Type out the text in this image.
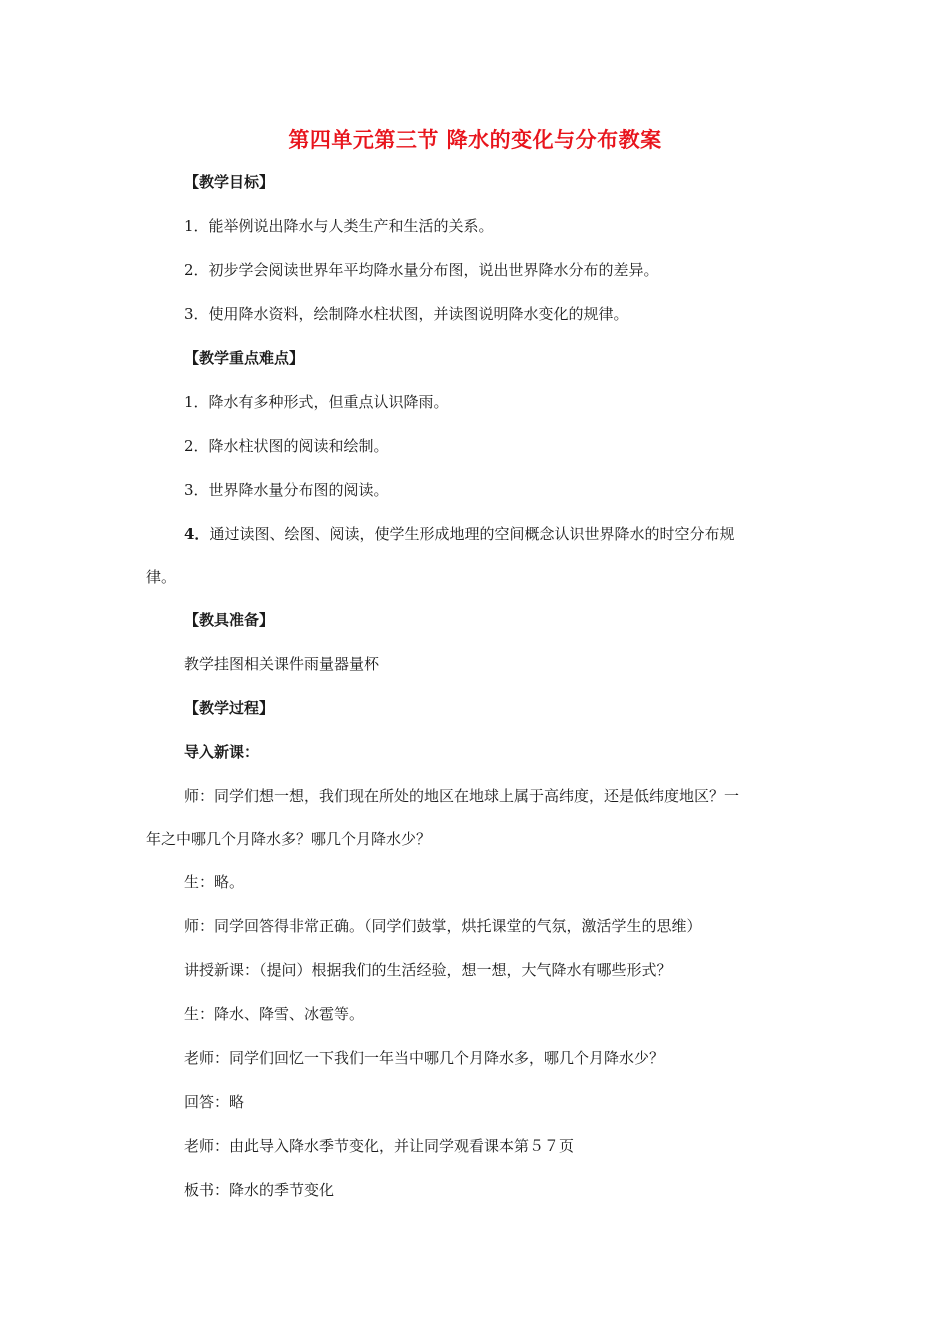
第四单元第三节 降水的变化与分布教案

【教学目标】

1．能举例说出降水与人类生产和生活的关系。

2．初步学会阅读世界年平均降水量分布图，说出世界降水分布的差异。

3．使用降水资料，绘制降水柱状图，并读图说明降水变化的规律。

【教学重点难点】

1．降水有多种形式，但重点认识降雨。

2．降水柱状图的阅读和绘制。

3．世界降水量分布图的阅读。

4．通过读图、绘图、阅读，使学生形成地理的空间概念认识世界降水的时空分布规

律。

【教具准备】

教学挂图相关课件雨量器量杯

【教学过程】

导入新课：

师：同学们想一想，我们现在所处的地区在地球上属于高纬度，还是低纬度地区？一

年之中哪几个月降水多？哪几个月降水少？

生：略。

师：同学回答得非常正确。（同学们鼓掌，烘托课堂的气氛，激活学生的思维）

讲授新课：（提问）根据我们的生活经验，想一想，大气降水有哪些形式？

生：降水、降雪、冰雹等。

老师：同学们回忆一下我们一年当中哪几个月降水多，哪几个月降水少？

回答：略

老师：由此导入降水季节变化，并让同学观看课本第５７页

板书：降水的季节变化
